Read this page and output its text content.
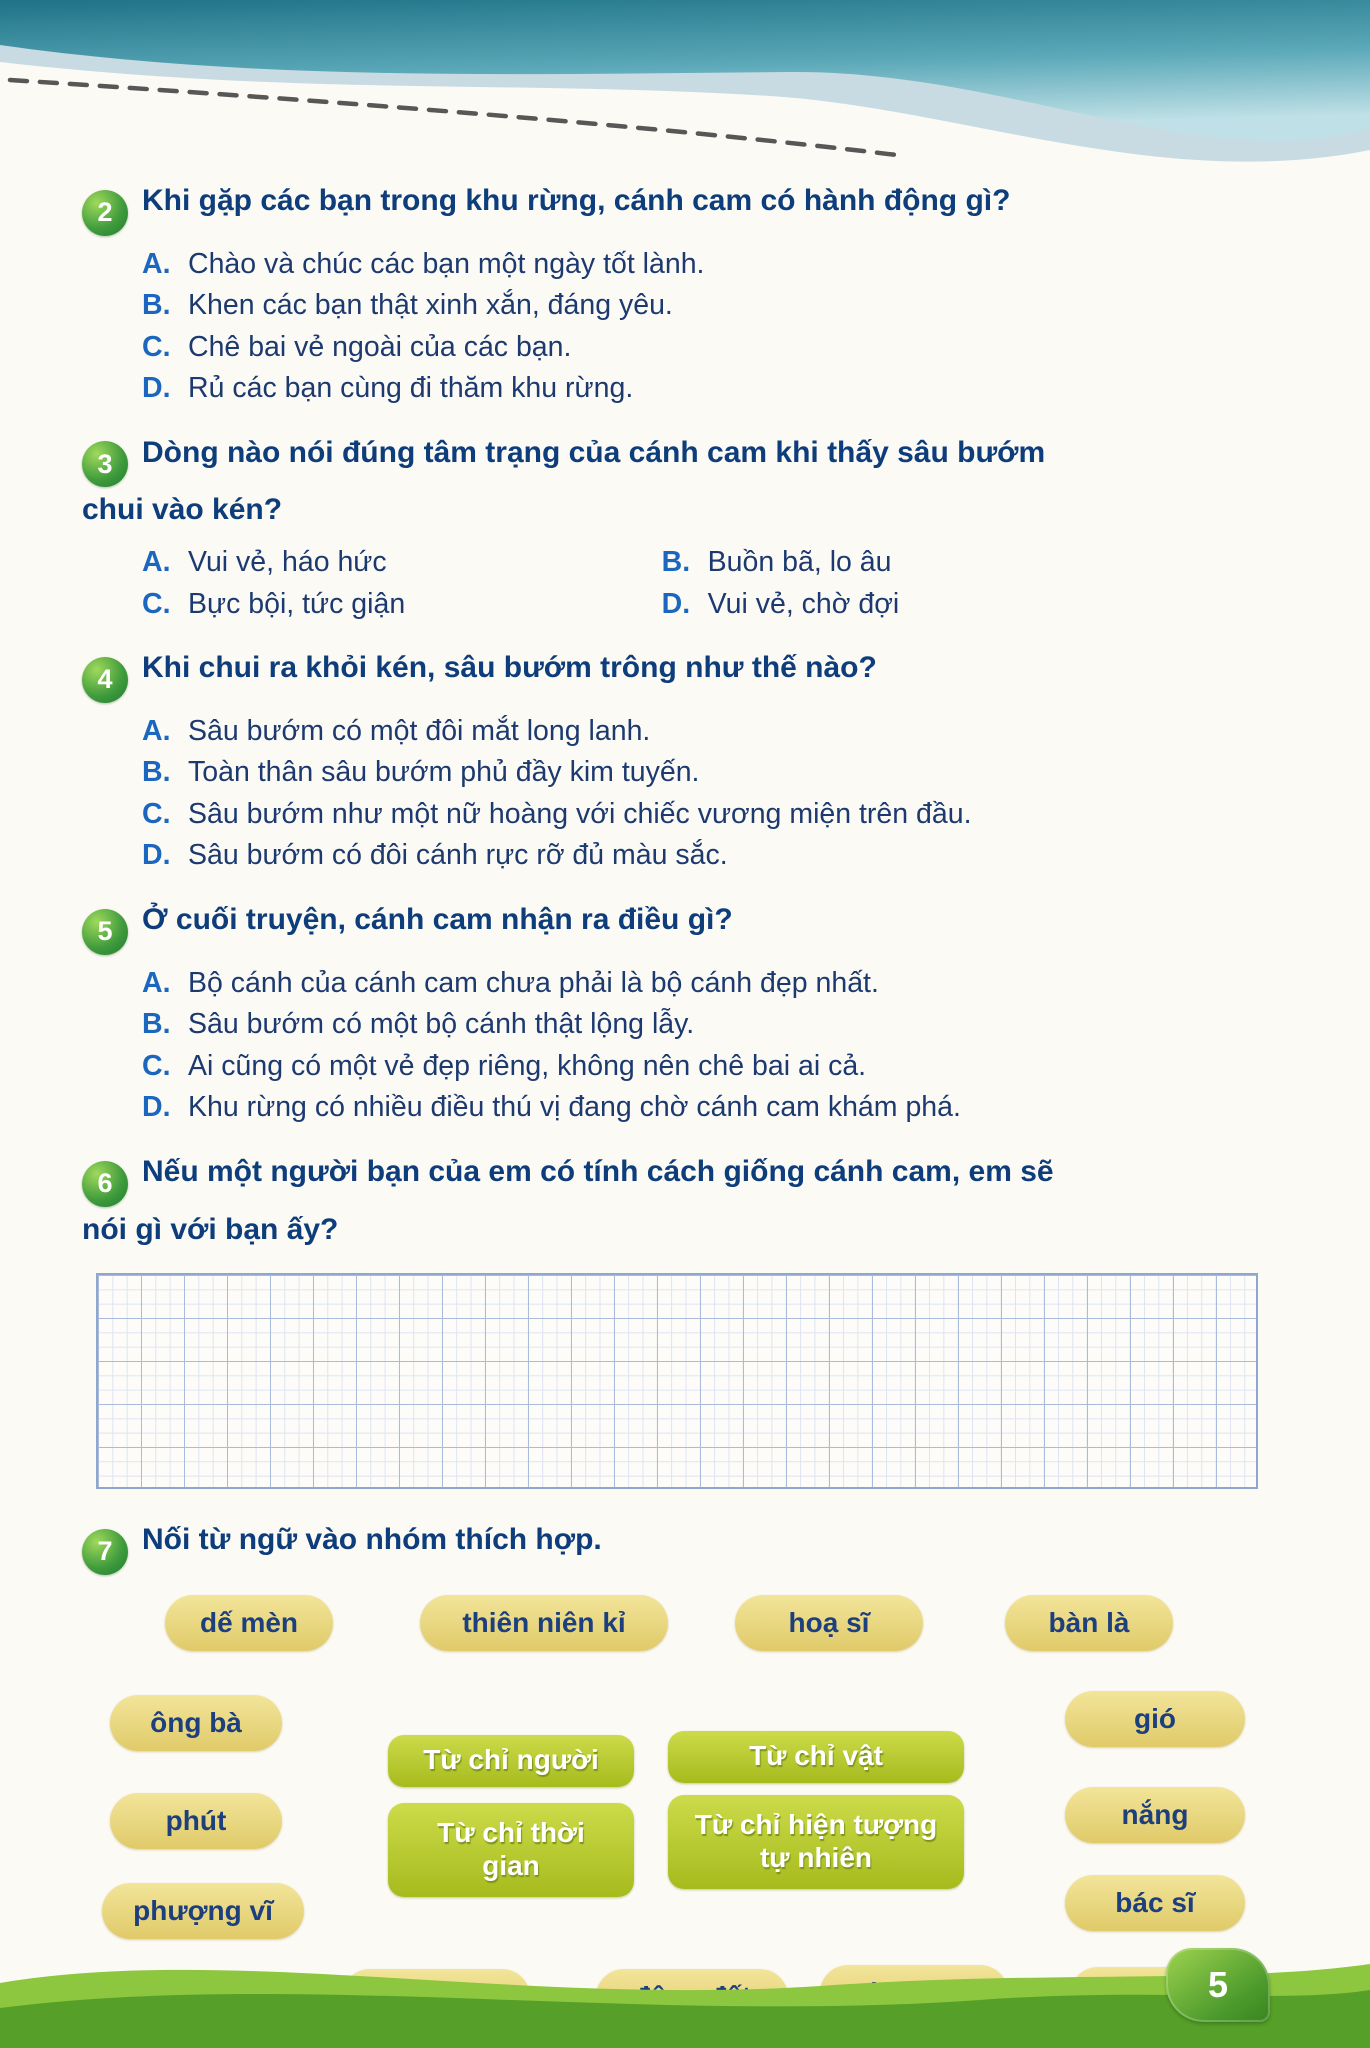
2 Khi gặp các bạn trong khu rừng, cánh cam có hành động gì?
A. Chào và chúc các bạn một ngày tốt lành.
B. Khen các bạn thật xinh xắn, đáng yêu.
C. Chê bai vẻ ngoài của các bạn.
D. Rủ các bạn cùng đi thăm khu rừng.
3 Dòng nào nói đúng tâm trạng của cánh cam khi thấy sâu bướm chui vào kén?
A. Vui vẻ, háo hức	B. Buồn bã, lo âu
C. Bực bội, tức giận	D. Vui vẻ, chờ đợi
4 Khi chui ra khỏi kén, sâu bướm trông như thế nào?
A. Sâu bướm có một đôi mắt long lanh.
B. Toàn thân sâu bướm phủ đầy kim tuyến.
C. Sâu bướm như một nữ hoàng với chiếc vương miện trên đầu.
D. Sâu bướm có đôi cánh rực rỡ đủ màu sắc.
5 Ở cuối truyện, cánh cam nhận ra điều gì?
A. Bộ cánh của cánh cam chưa phải là bộ cánh đẹp nhất.
B. Sâu bướm có một bộ cánh thật lộng lẫy.
C. Ai cũng có một vẻ đẹp riêng, không nên chê bai ai cả.
D. Khu rừng có nhiều điều thú vị đang chờ cánh cam khám phá.
6 Nếu một người bạn của em có tính cách giống cánh cam, em sẽ nói gì với bạn ấy?
7 Nối từ ngữ vào nhóm thích hợp.
dế mèn	thiên niên kỉ	hoạ sĩ	bàn là
ông bà	gió
phút	nắng
phượng vĩ	bác sĩ
Từ chỉ người	Từ chỉ vật
Từ chỉ thời gian
Từ chỉ hiện tượng tự nhiên
5
